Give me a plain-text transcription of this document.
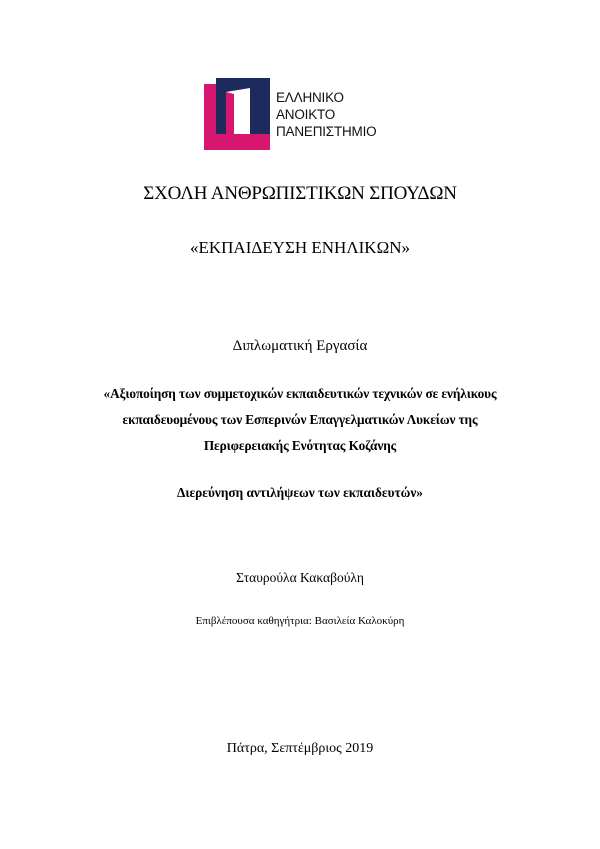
ΕΛΛΗΝΙΚΟ
ΑΝΟΙΚΤΟ
ΠΑΝΕΠΙΣΤΗΜΙΟ
ΣΧΟΛΗ ΑΝΘΡΩΠΙΣΤΙΚΩΝ ΣΠΟΥΔΩΝ
«ΕΚΠΑΙΔΕΥΣΗ ΕΝΗΛΙΚΩΝ»
Διπλωματική Εργασία
«Αξιοποίηση των συμμετοχικών εκπαιδευτικών τεχνικών σε ενήλικους
εκπαιδευομένους των Εσπερινών Επαγγελματικών Λυκείων της
Περιφερειακής Ενότητας Κοζάνης
Διερεύνηση αντιλήψεων των εκπαιδευτών»
Σταυρούλα Κακαβούλη
Επιβλέπουσα καθηγήτρια: Βασιλεία Καλοκύρη
Πάτρα, Σεπτέμβριος 2019
